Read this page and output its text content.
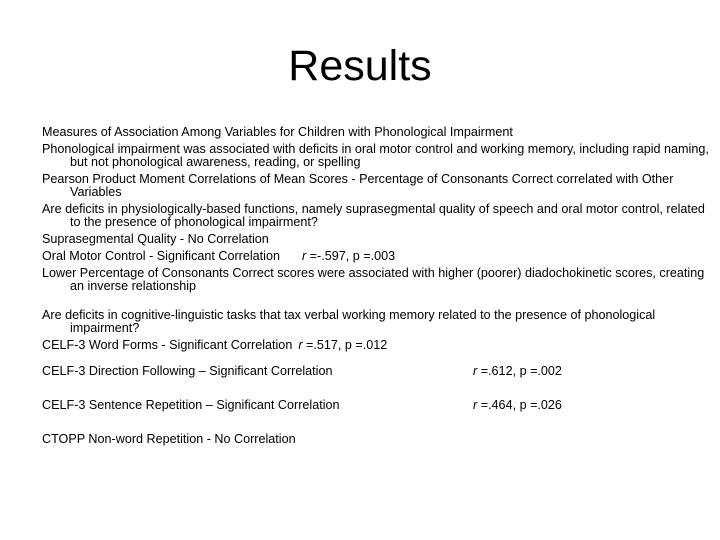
Results
Measures of Association Among Variables for Children with Phonological Impairment
Phonological impairment was associated with deficits in oral motor control and working memory, including rapid naming, but not phonological awareness, reading, or spelling
Pearson Product Moment Correlations of Mean Scores - Percentage of Consonants Correct correlated with Other Variables
Are deficits in physiologically-based functions, namely suprasegmental quality of speech and oral motor control, related to the presence of phonological impairment?
Suprasegmental Quality - No Correlation
Oral Motor Control - Significant Correlation r =-.597, p =.003
Lower Percentage of Consonants Correct scores were associated with higher (poorer) diadochokinetic scores, creating an inverse relationship
Are deficits in cognitive-linguistic tasks that tax verbal working memory related to the presence of phonological impairment?
CELF-3 Word Forms - Significant Correlation r =.517, p =.012
CELF-3 Direction Following – Significant Correlation	r =.612, p =.002
CELF-3 Sentence Repetition – Significant Correlation	r =.464, p =.026
CTOPP Non-word Repetition - No Correlation
